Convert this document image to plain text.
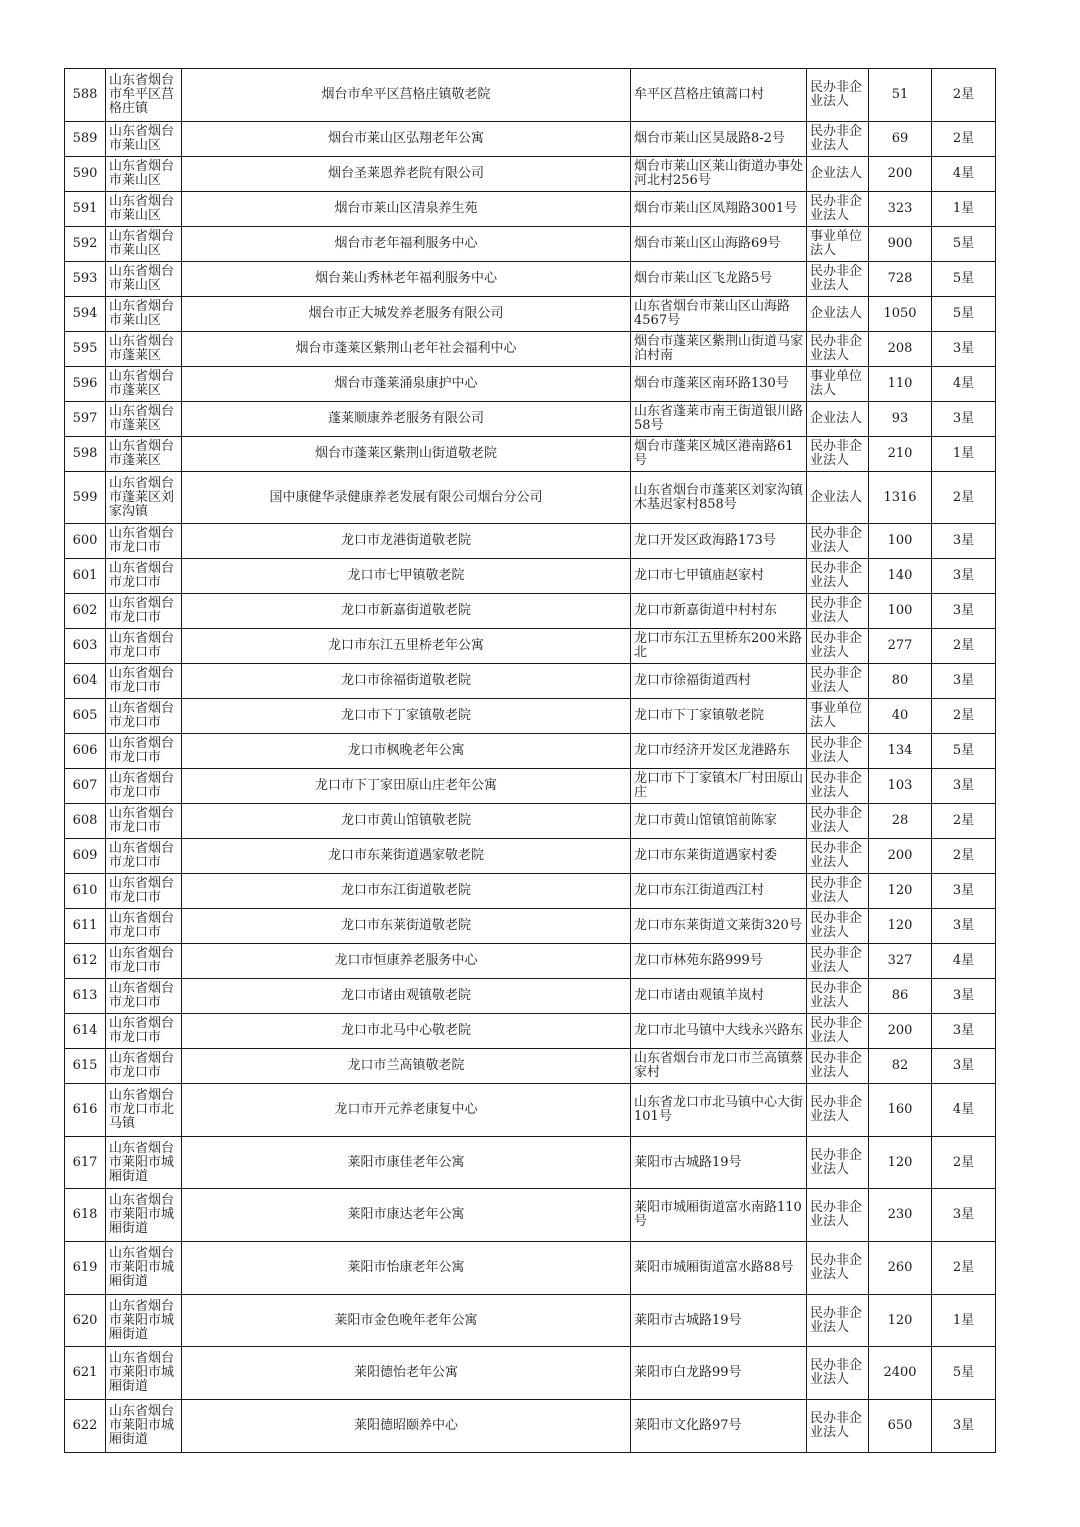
588	山东省烟台市牟平区莒格庄镇	烟台市牟平区莒格庄镇敬老院	牟平区莒格庄镇蒿口村	民办非企业法人	51	2星
589	山东省烟台市莱山区	烟台市莱山区弘翔老年公寓	烟台市莱山区昊晟路8-2号	民办非企业法人	69	2星
590	山东省烟台市莱山区	烟台圣莱恩养老院有限公司	烟台市莱山区莱山街道办事处河北村256号	企业法人	200	4星
591	山东省烟台市莱山区	烟台市莱山区清泉养生苑	烟台市莱山区凤翔路3001号	民办非企业法人	323	1星
592	山东省烟台市莱山区	烟台市老年福利服务中心	烟台市莱山区山海路69号	事业单位法人	900	5星
593	山东省烟台市莱山区	烟台莱山秀林老年福利服务中心	烟台市莱山区飞龙路5号	民办非企业法人	728	5星
594	山东省烟台市莱山区	烟台市正大城发养老服务有限公司	山东省烟台市莱山区山海路4567号	企业法人	1050	5星
595	山东省烟台市蓬莱区	烟台市蓬莱区紫荆山老年社会福利中心	烟台市蓬莱区紫荆山街道马家泊村南	民办非企业法人	208	3星
596	山东省烟台市蓬莱区	烟台市蓬莱涌泉康护中心	烟台市蓬莱区南环路130号	事业单位法人	110	4星
597	山东省烟台市蓬莱区	蓬莱顺康养老服务有限公司	山东省蓬莱市南王街道银川路58号	企业法人	93	3星
598	山东省烟台市蓬莱区	烟台市蓬莱区紫荆山街道敬老院	烟台市蓬莱区城区港南路61号	民办非企业法人	210	1星
599	山东省烟台市蓬莱区刘家沟镇	国中康健华录健康养老发展有限公司烟台分公司	山东省烟台市蓬莱区刘家沟镇木基迟家村858号	企业法人	1316	2星
600	山东省烟台市龙口市	龙口市龙港街道敬老院	龙口开发区政海路173号	民办非企业法人	100	3星
601	山东省烟台市龙口市	龙口市七甲镇敬老院	龙口市七甲镇庙赵家村	民办非企业法人	140	3星
602	山东省烟台市龙口市	龙口市新嘉街道敬老院	龙口市新嘉街道中村村东	民办非企业法人	100	3星
603	山东省烟台市龙口市	龙口市东江五里桥老年公寓	龙口市东江五里桥东200米路北	民办非企业法人	277	2星
604	山东省烟台市龙口市	龙口市徐福街道敬老院	龙口市徐福街道西村	民办非企业法人	80	3星
605	山东省烟台市龙口市	龙口市下丁家镇敬老院	龙口市下丁家镇敬老院	事业单位法人	40	2星
606	山东省烟台市龙口市	龙口市枫晚老年公寓	龙口市经济开发区龙港路东	民办非企业法人	134	5星
607	山东省烟台市龙口市	龙口市下丁家田原山庄老年公寓	龙口市下丁家镇木厂村田原山庄	民办非企业法人	103	3星
608	山东省烟台市龙口市	龙口市黄山馆镇敬老院	龙口市黄山馆镇馆前陈家	民办非企业法人	28	2星
609	山东省烟台市龙口市	龙口市东莱街道遇家敬老院	龙口市东莱街道遇家村委	民办非企业法人	200	2星
610	山东省烟台市龙口市	龙口市东江街道敬老院	龙口市东江街道西江村	民办非企业法人	120	3星
611	山东省烟台市龙口市	龙口市东莱街道敬老院	龙口市东莱街道文莱街320号	民办非企业法人	120	3星
612	山东省烟台市龙口市	龙口市恒康养老服务中心	龙口市林苑东路999号	民办非企业法人	327	4星
613	山东省烟台市龙口市	龙口市诸由观镇敬老院	龙口市诸由观镇羊岚村	民办非企业法人	86	3星
614	山东省烟台市龙口市	龙口市北马中心敬老院	龙口市北马镇中大线永兴路东	民办非企业法人	200	3星
615	山东省烟台市龙口市	龙口市兰高镇敬老院	山东省烟台市龙口市兰高镇蔡家村	民办非企业法人	82	3星
616	山东省烟台市龙口市北马镇	龙口市开元养老康复中心	山东省龙口市北马镇中心大街101号	民办非企业法人	160	4星
617	山东省烟台市莱阳市城厢街道	莱阳市康佳老年公寓	莱阳市古城路19号	民办非企业法人	120	2星
618	山东省烟台市莱阳市城厢街道	莱阳市康达老年公寓	莱阳市城厢街道富水南路110号	民办非企业法人	230	3星
619	山东省烟台市莱阳市城厢街道	莱阳市怡康老年公寓	莱阳市城厢街道富水路88号	民办非企业法人	260	2星
620	山东省烟台市莱阳市城厢街道	莱阳市金色晚年老年公寓	莱阳市古城路19号	民办非企业法人	120	1星
621	山东省烟台市莱阳市城厢街道	莱阳德怡老年公寓	莱阳市白龙路99号	民办非企业法人	2400	5星
622	山东省烟台市莱阳市城厢街道	莱阳德昭颐养中心	莱阳市文化路97号	民办非企业法人	650	3星
